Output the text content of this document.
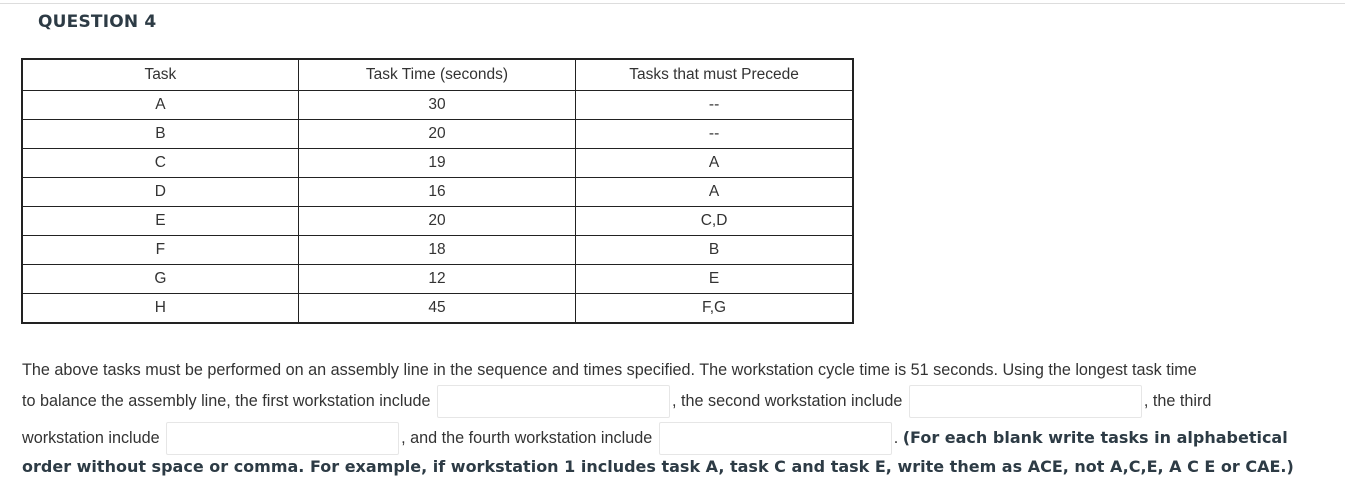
QUESTION 4
Task	Task Time (seconds)	Tasks that must Precede
A	30	--
B	20	--
C	19	A
D	16	A
E	20	C,D
F	18	B
G	12	E
H	45	F,G
The above tasks must be performed on an assembly line in the sequence and times specified. The workstation cycle time is 51 seconds. Using the longest task time
to balance the assembly line, the first workstation include	, the second workstation include	, the third
workstation include	, and the fourth workstation include	. (For each blank write tasks in alphabetical
order without space or comma. For example, if workstation 1 includes task A, task C and task E, write them as ACE, not A,C,E, A C E or CAE.)
